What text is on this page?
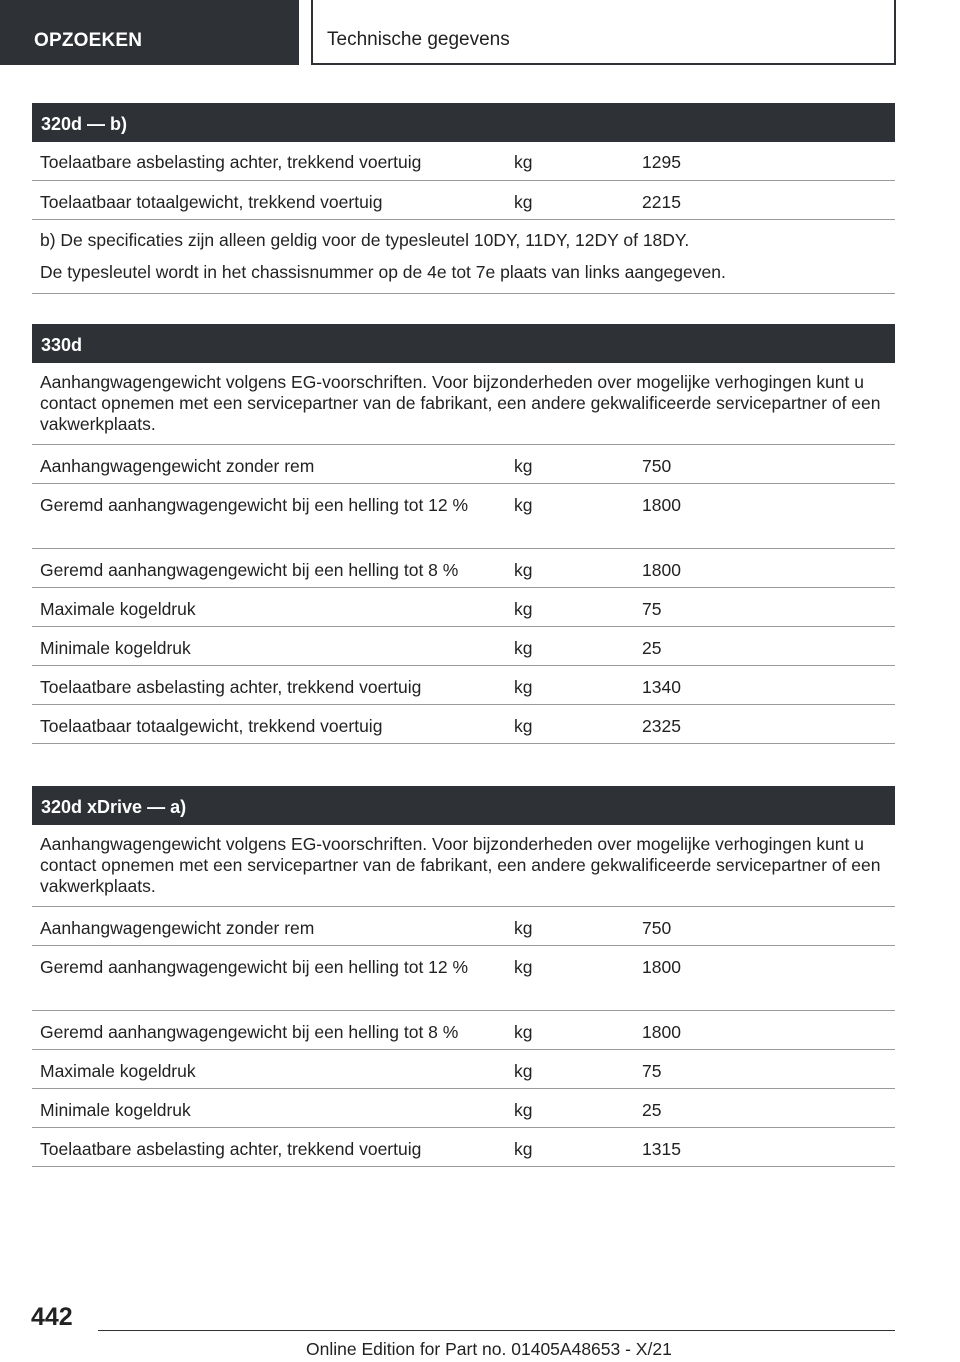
OPZOEKEN	Technische gegevens
320d — b)
Toelaatbare asbelasting achter, trekkend voertuig	kg	1295
Toelaatbaar totaalgewicht, trekkend voertuig	kg	2215

b) De specificaties zijn alleen geldig voor de typesleutel 10DY, 11DY, 12DY of 18DY.

De typesleutel wordt in het chassisnummer op de 4e tot 7e plaats van links aangegeven.

330d
Aanhangwagengewicht volgens EG-voorschriften. Voor bijzonderheden over mogelijke verhogingen kunt u contact opnemen met een servicepartner van de fabrikant, een andere gekwalificeerde servicepartner of een vakwerkplaats.
Aanhangwagengewicht zonder rem	kg	750
Geremd aanhangwagengewicht bij een helling tot 12 %	kg	1800
Geremd aanhangwagengewicht bij een helling tot 8 %	kg	1800
Maximale kogeldruk	kg	75
Minimale kogeldruk	kg	25
Toelaatbare asbelasting achter, trekkend voertuig	kg	1340
Toelaatbaar totaalgewicht, trekkend voertuig	kg	2325
320d xDrive — a)
Aanhangwagengewicht volgens EG-voorschriften. Voor bijzonderheden over mogelijke verhogingen kunt u contact opnemen met een servicepartner van de fabrikant, een andere gekwalificeerde servicepartner of een vakwerkplaats.
Aanhangwagengewicht zonder rem	kg	750
Geremd aanhangwagengewicht bij een helling tot 12 %	kg	1800
Geremd aanhangwagengewicht bij een helling tot 8 %	kg	1800
Maximale kogeldruk	kg	75
Minimale kogeldruk	kg	25
Toelaatbare asbelasting achter, trekkend voertuig	kg	1315
442
Online Edition for Part no. 01405A48653 - X/21
